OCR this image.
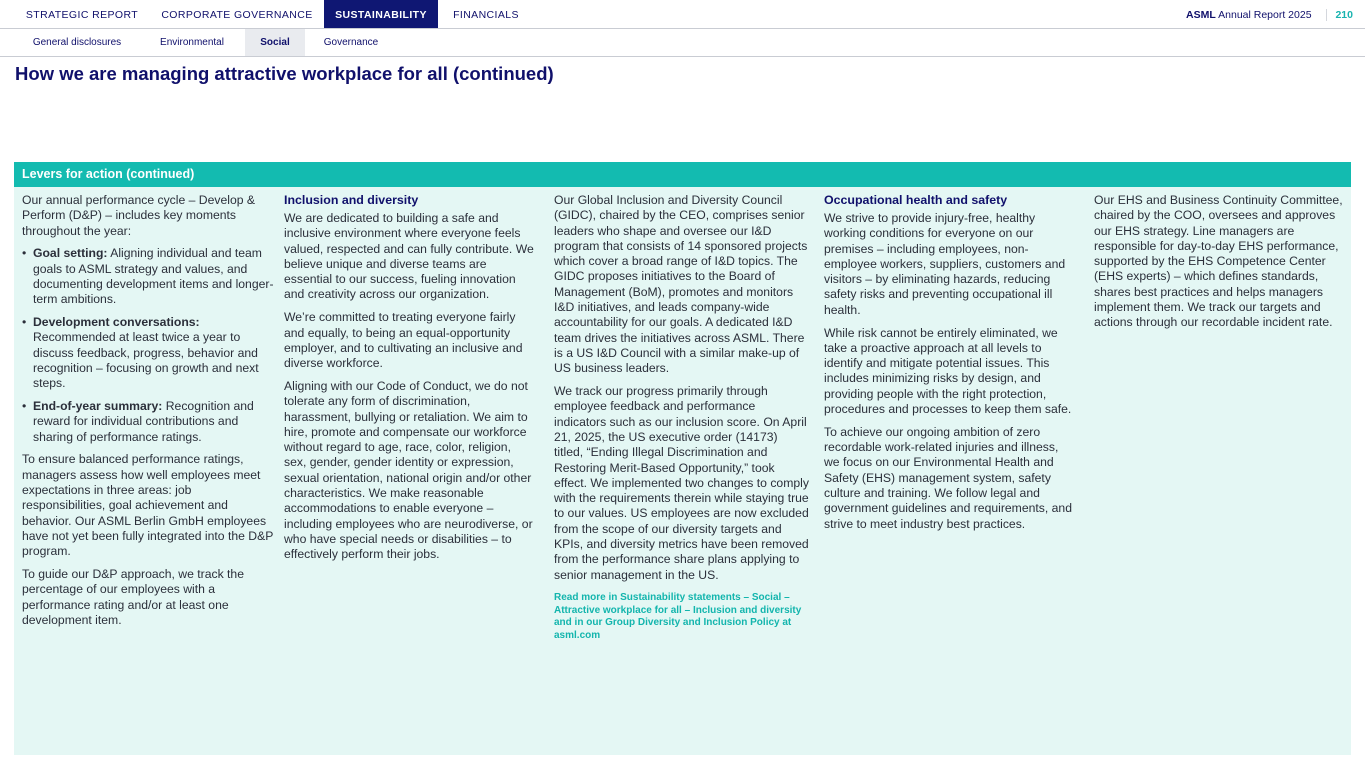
STRATEGIC REPORT	CORPORATE GOVERNANCE	SUSTAINABILITY	FINANCIALS	ASML Annual Report 2025 210
General disclosures	Environmental	Social	Governance
How we are managing attractive workplace for all (continued)
Levers for action (continued)

Our annual performance cycle – Develop & Perform (D&P) – includes key moments throughout the year:

• Goal setting: Aligning individual and team goals to ASML strategy and values, and documenting development items and longer-term ambitions.
• Development conversations: Recommended at least twice a year to discuss feedback, progress, behavior and recognition – focusing on growth and next steps.
• End-of-year summary: Recognition and reward for individual contributions and sharing of performance ratings.

To ensure balanced performance ratings, managers assess how well employees meet expectations in three areas: job responsibilities, goal achievement and behavior. Our ASML Berlin GmbH employees have not yet been fully integrated into the D&P program.

To guide our D&P approach, we track the percentage of our employees with a performance rating and/or at least one development item.

Inclusion and diversity

We are dedicated to building a safe and inclusive environment where everyone feels valued, respected and can fully contribute. We believe unique and diverse teams are essential to our success, fueling innovation and creativity across our organization.

We’re committed to treating everyone fairly and equally, to being an equal-opportunity employer, and to cultivating an inclusive and diverse workforce.

Aligning with our Code of Conduct, we do not tolerate any form of discrimination, harassment, bullying or retaliation. We aim to hire, promote and compensate our workforce without regard to age, race, color, religion, sex, gender, gender identity or expression, sexual orientation, national origin and/or other characteristics. We make reasonable accommodations to enable everyone – including employees who are neurodiverse, or who have special needs or disabilities – to effectively perform their jobs.

Our Global Inclusion and Diversity Council (GIDC), chaired by the CEO, comprises senior leaders who shape and oversee our I&D program that consists of 14 sponsored projects which cover a broad range of I&D topics. The GIDC proposes initiatives to the Board of Management (BoM), promotes and monitors I&D initiatives, and leads company-wide accountability for our goals. A dedicated I&D team drives the initiatives across ASML. There is a US I&D Council with a similar make-up of US business leaders.

We track our progress primarily through employee feedback and performance indicators such as our inclusion score. On April 21, 2025, the US executive order (14173) titled, “Ending Illegal Discrimination and Restoring Merit-Based Opportunity,” took effect. We implemented two changes to comply with the requirements therein while staying true to our values. US employees are now excluded from the scope of our diversity targets and KPIs, and diversity metrics have been removed from the performance share plans applying to senior management in the US.

Read more in Sustainability statements – Social – Attractive workplace for all – Inclusion and diversity and in our Group Diversity and Inclusion Policy at asml.com

Occupational health and safety

We strive to provide injury-free, healthy working conditions for everyone on our premises – including employees, non-employee workers, suppliers, customers and visitors – by eliminating hazards, reducing safety risks and preventing occupational ill health.

While risk cannot be entirely eliminated, we take a proactive approach at all levels to identify and mitigate potential issues. This includes minimizing risks by design, and providing people with the right protection, procedures and processes to keep them safe.

To achieve our ongoing ambition of zero recordable work-related injuries and illness, we focus on our Environmental Health and Safety (EHS) management system, safety culture and training. We follow legal and government guidelines and requirements, and strive to meet industry best practices.

Our EHS and Business Continuity Committee, chaired by the COO, oversees and approves our EHS strategy. Line managers are responsible for day-to-day EHS performance, supported by the EHS Competence Center (EHS experts) – which defines standards, shares best practices and helps managers implement them. We track our targets and actions through our recordable incident rate.
